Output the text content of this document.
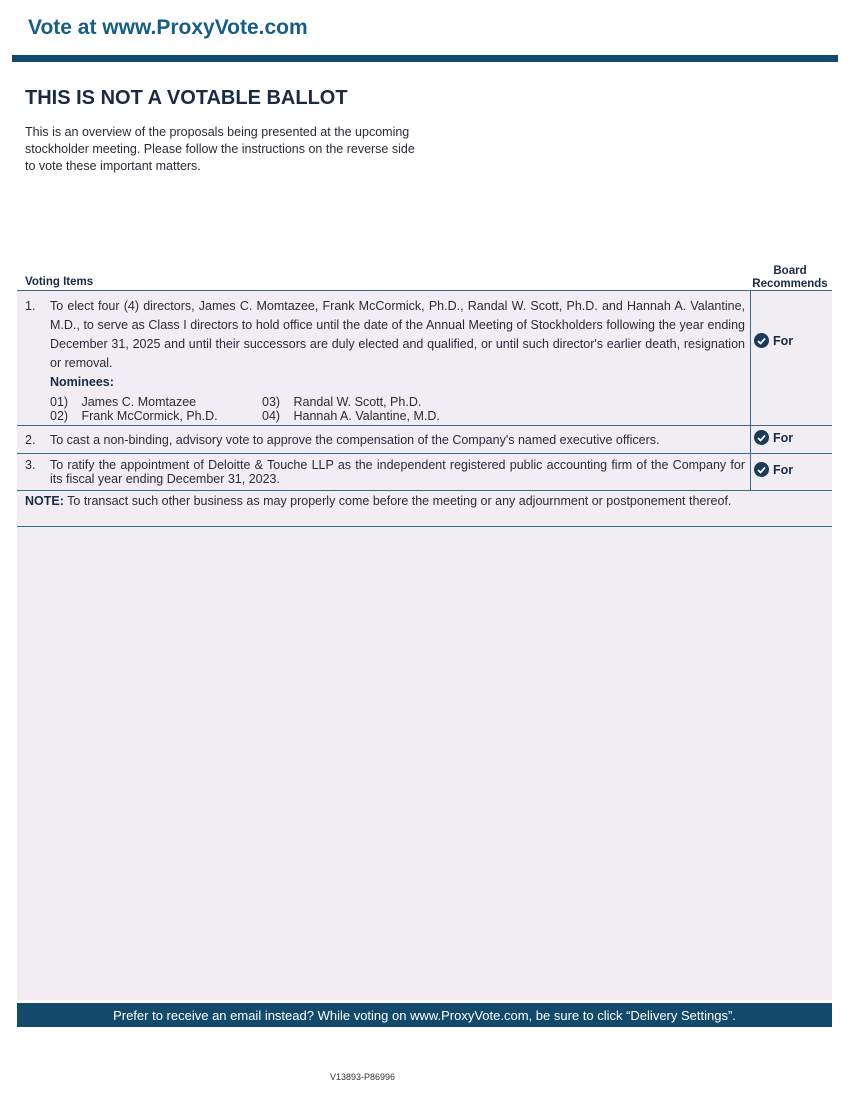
Vote at www.ProxyVote.com
THIS IS NOT A VOTABLE BALLOT
This is an overview of the proposals being presented at the upcoming stockholder meeting. Please follow the instructions on the reverse side to vote these important matters.
Voting Items
Board
Recommends
1. To elect four (4) directors, James C. Momtazee, Frank McCormick, Ph.D., Randal W. Scott, Ph.D. and Hannah A. Valantine, M.D., to serve as Class I directors to hold office until the date of the Annual Meeting of Stockholders following the year ending December 31, 2025 and until their successors are duly elected and qualified, or until such director's earlier death, resignation or removal.
Nominees:
01) James C. Momtazee
02) Frank McCormick, Ph.D.
03) Randal W. Scott, Ph.D.
04) Hannah A. Valantine, M.D.
For
2. To cast a non-binding, advisory vote to approve the compensation of the Company's named executive officers.	For
3. To ratify the appointment of Deloitte & Touche LLP as the independent registered public accounting firm of the Company for its fiscal year ending December 31, 2023.
For
NOTE: To transact such other business as may properly come before the meeting or any adjournment or postponement thereof.
Prefer to receive an email instead? While voting on www.ProxyVote.com, be sure to click “Delivery Settings”.
V13893-P86996
